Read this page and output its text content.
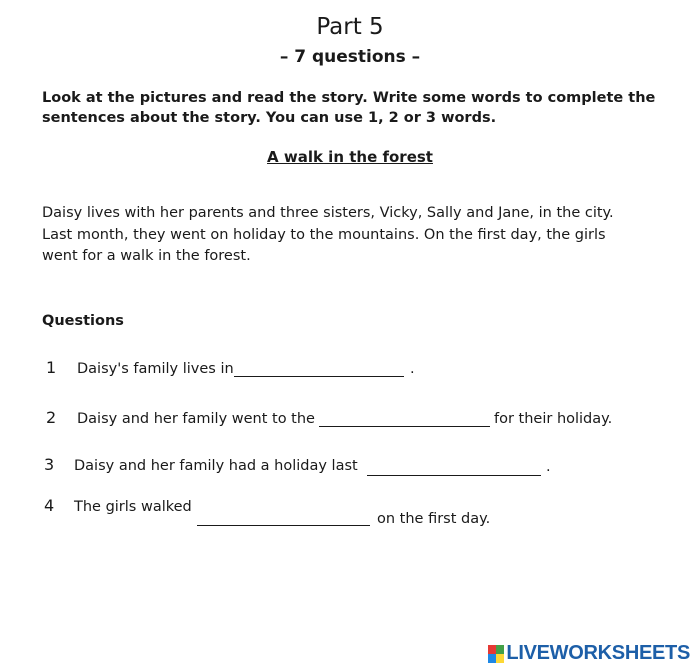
Part 5
– 7 questions –
Look at the pictures and read the story. Write some words to complete the
sentences about the story. You can use 1, 2 or 3 words.
A walk in the forest
Daisy lives with her parents and three sisters, Vicky, Sally and Jane, in the city.
Last month, they went on holiday to the mountains. On the first day, the girls
went for a walk in the forest.
Questions
1 Daisy's family lives in	.
2 Daisy and her family went to the	for their holiday.
3 Daisy and her family had a holiday last	.
4 The girls walked
on the first day.
LIVEWORKSHEETS
